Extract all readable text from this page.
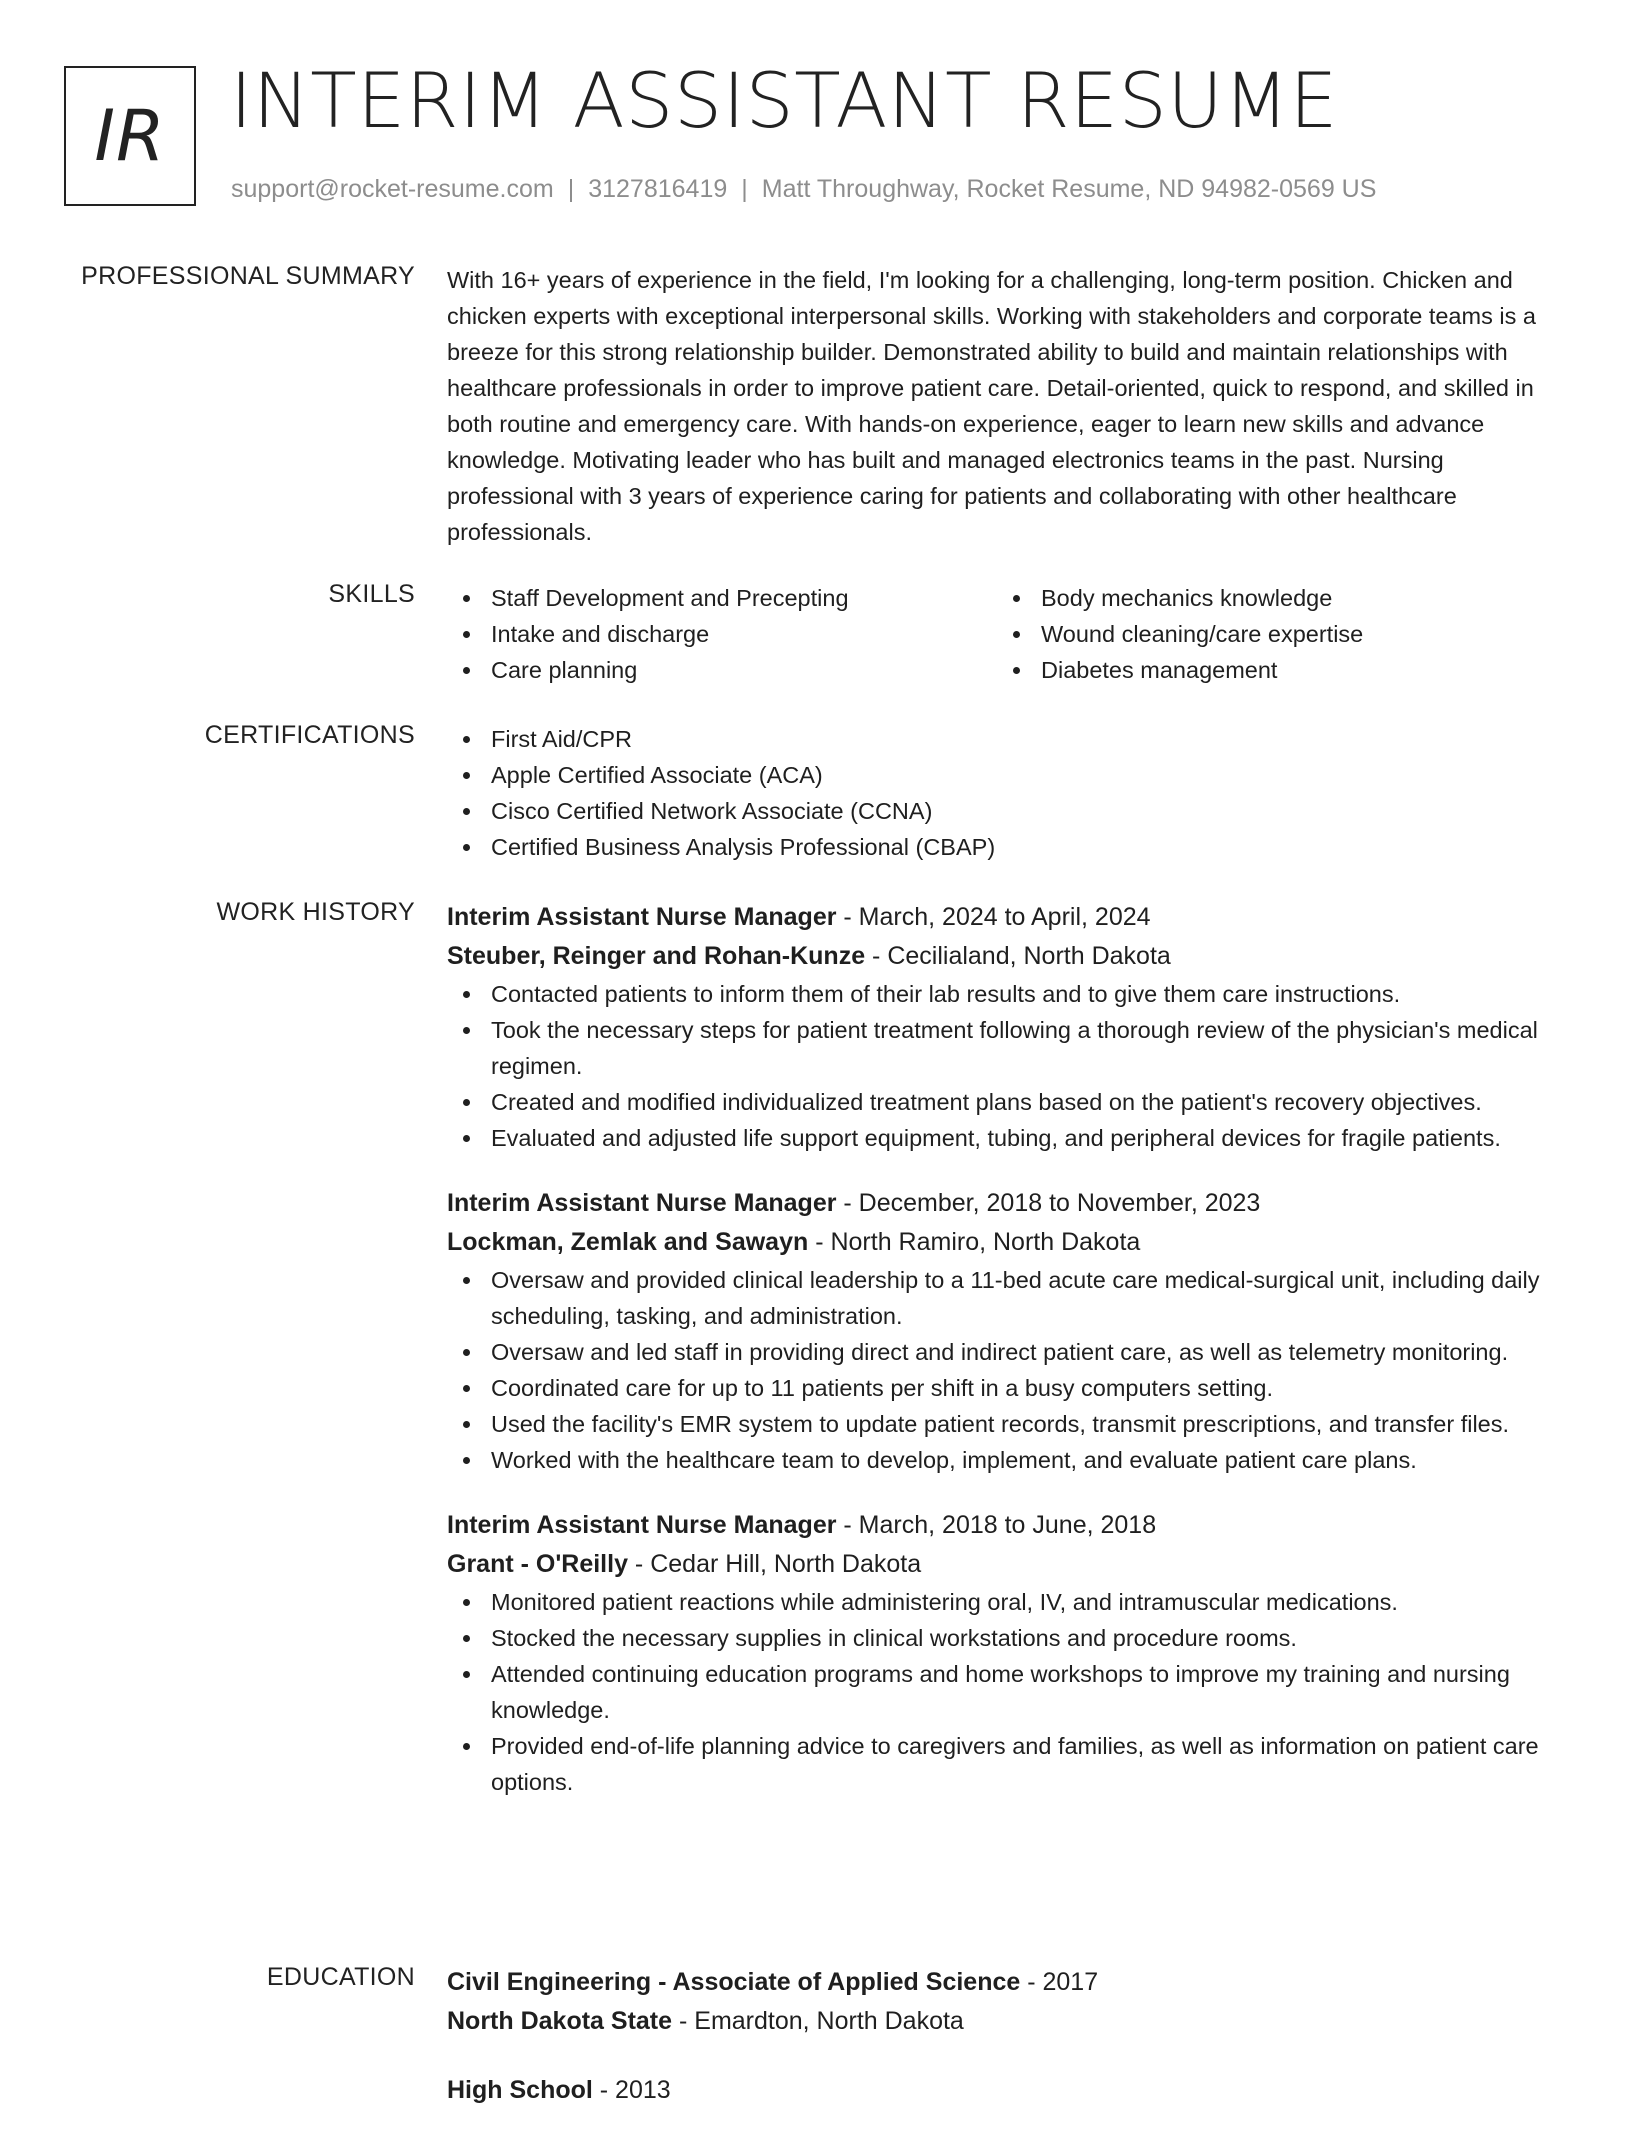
IR INTERIM ASSISTANT RESUME
support@rocket-resume.com | 3127816419 | Matt Throughway, Rocket Resume, ND 94982-0569 US
PROFESSIONAL SUMMARY With 16+ years of experience in the field, I'm looking for a challenging, long-term position. Chicken and chicken experts with exceptional interpersonal skills. Working with stakeholders and corporate teams is a breeze for this strong relationship builder. Demonstrated ability to build and maintain relationships with healthcare professionals in order to improve patient care. Detail-oriented, quick to respond, and skilled in both routine and emergency care. With hands-on experience, eager to learn new skills and advance knowledge. Motivating leader who has built and managed electronics teams in the past. Nursing professional with 3 years of experience caring for patients and collaborating with other healthcare professionals.

SKILLS	Staff Development and Precepting
Intake and discharge
Care planning
Body mechanics knowledge
Wound cleaning/care expertise
Diabetes management
CERTIFICATIONS	First Aid/CPR
Apple Certified Associate (ACA)
Cisco Certified Network Associate (CCNA)
Certified Business Analysis Professional (CBAP)
WORK HISTORY Interim Assistant Nurse Manager - March, 2024 to April, 2024
Steuber, Reinger and Rohan-Kunze - Cecilialand, North Dakota
Contacted patients to inform them of their lab results and to give them care instructions.
Took the necessary steps for patient treatment following a thorough review of the physician's medical regimen.
Created and modified individualized treatment plans based on the patient's recovery objectives.
Evaluated and adjusted life support equipment, tubing, and peripheral devices for fragile patients.
Interim Assistant Nurse Manager - December, 2018 to November, 2023
Lockman, Zemlak and Sawayn - North Ramiro, North Dakota
Oversaw and provided clinical leadership to a 11-bed acute care medical-surgical unit, including daily scheduling, tasking, and administration.
Oversaw and led staff in providing direct and indirect patient care, as well as telemetry monitoring.
Coordinated care for up to 11 patients per shift in a busy computers setting.
Used the facility's EMR system to update patient records, transmit prescriptions, and transfer files.
Worked with the healthcare team to develop, implement, and evaluate patient care plans.
Interim Assistant Nurse Manager - March, 2018 to June, 2018
Grant - O'Reilly - Cedar Hill, North Dakota
Monitored patient reactions while administering oral, IV, and intramuscular medications.
Stocked the necessary supplies in clinical workstations and procedure rooms.
Attended continuing education programs and home workshops to improve my training and nursing knowledge.
Provided end-of-life planning advice to caregivers and families, as well as information on patient care options.
EDUCATION Civil Engineering - Associate of Applied Science - 2017
North Dakota State - Emardton, North Dakota
High School - 2013
